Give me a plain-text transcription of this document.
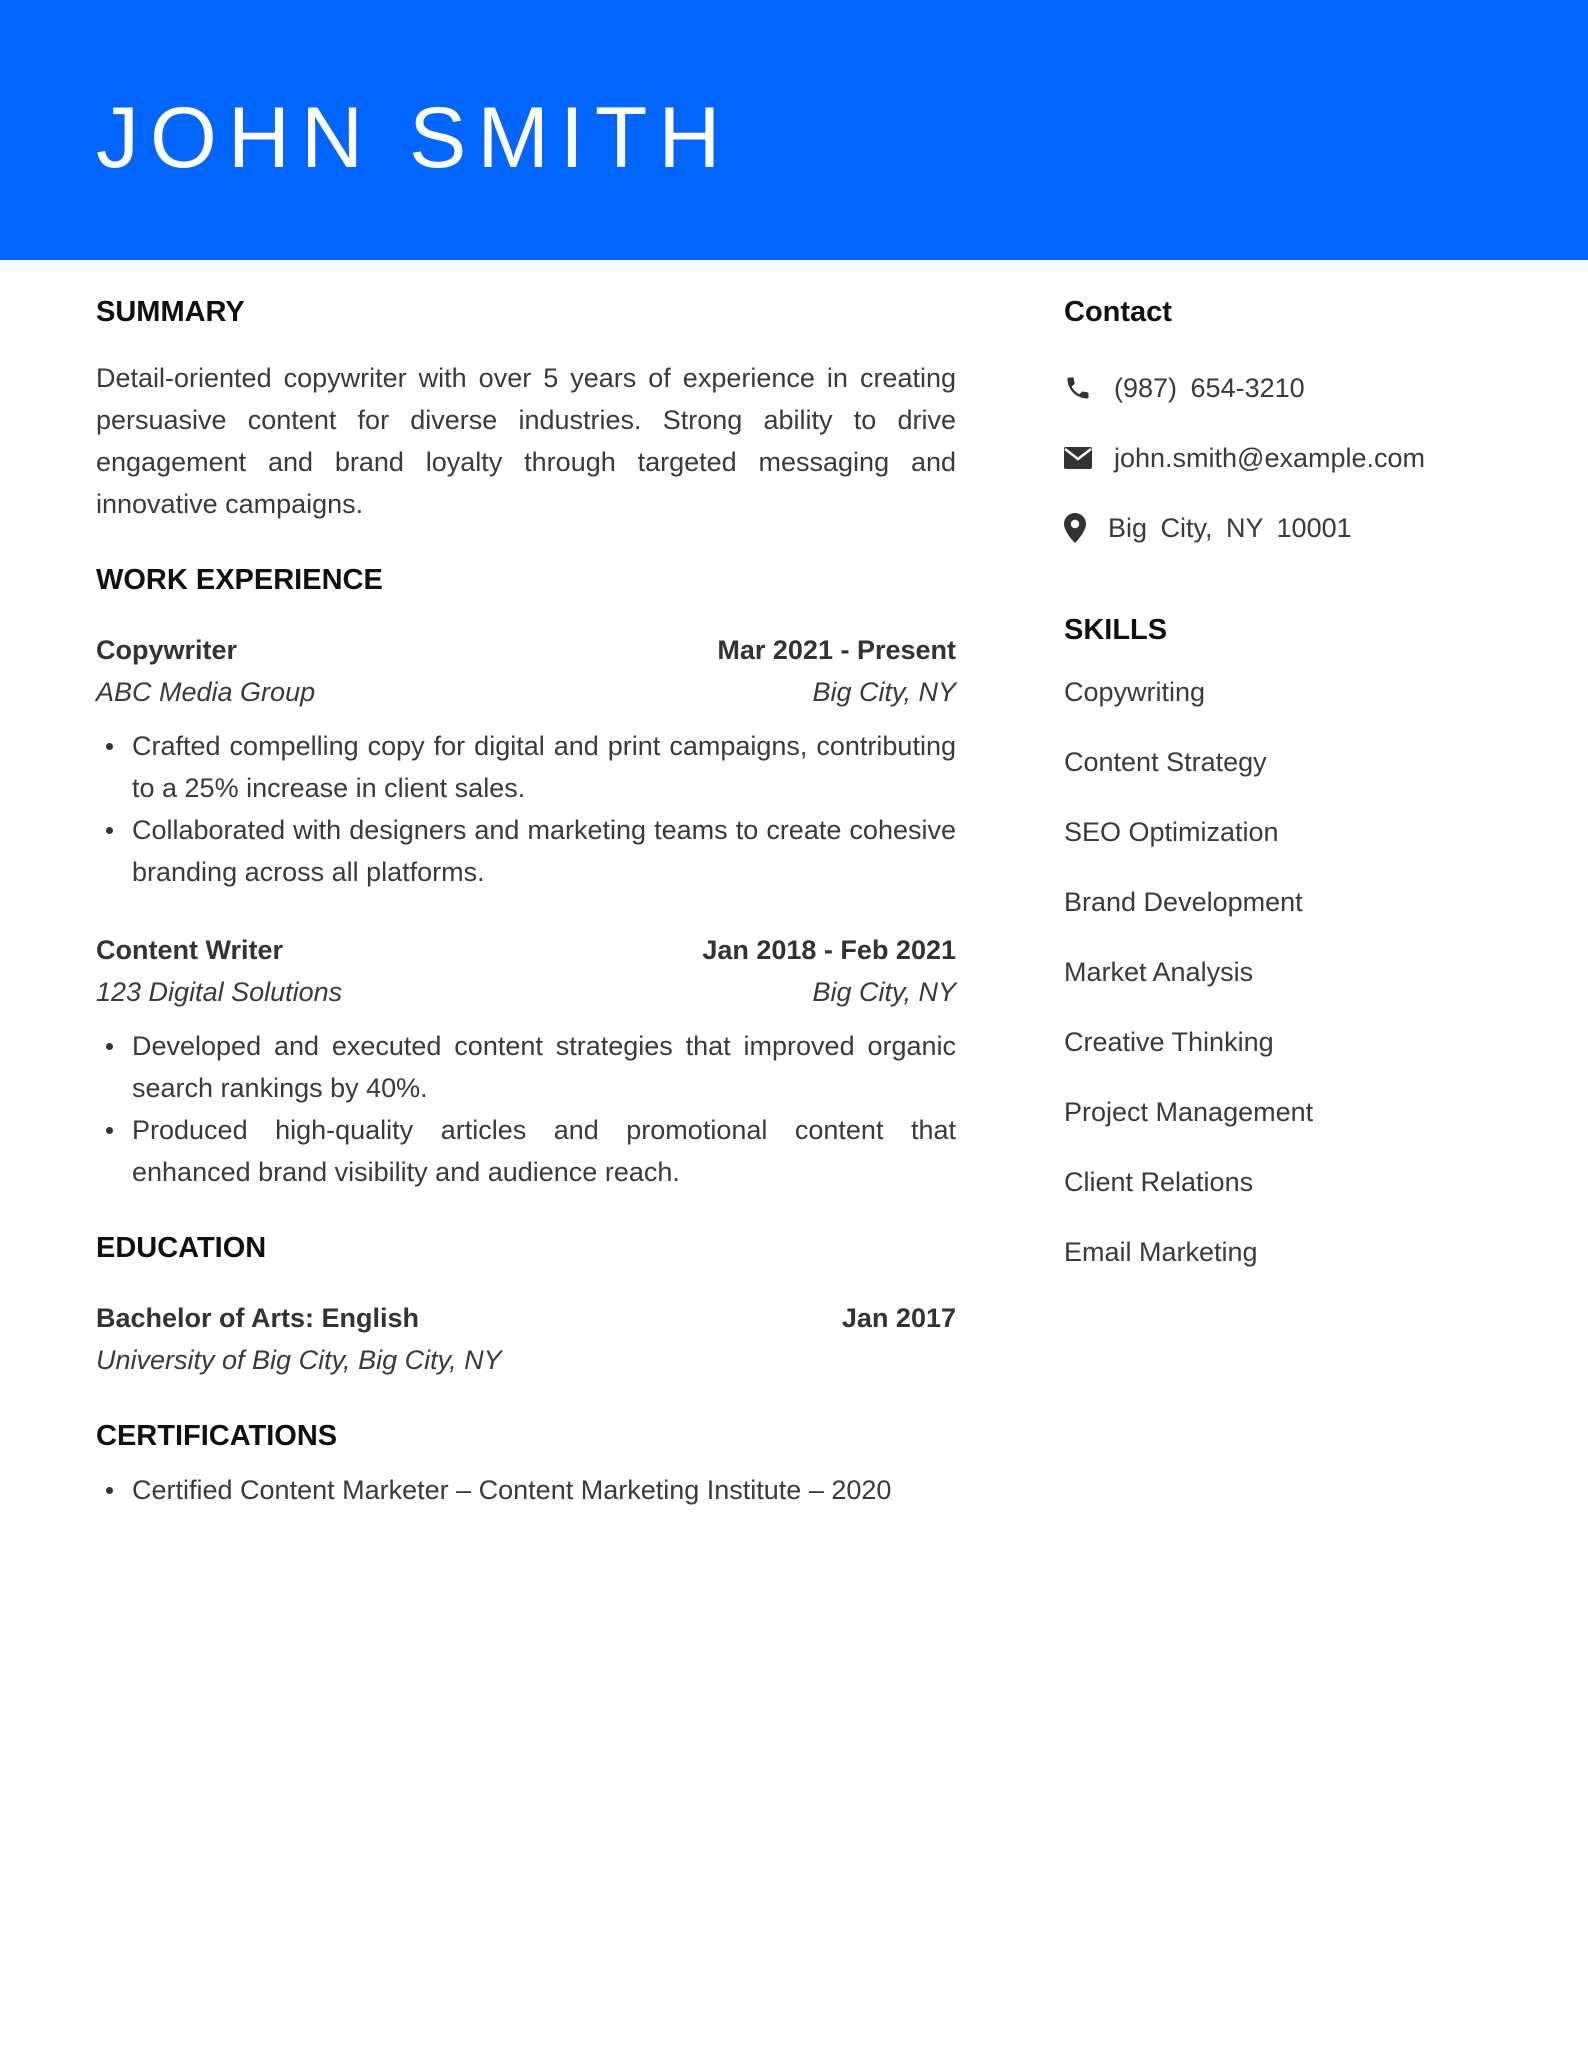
JOHN SMITH
SUMMARY

Detail-oriented copywriter with over 5 years of experience in creating persuasive content for diverse industries. Strong ability to drive engagement and brand loyalty through targeted messaging and innovative campaigns.

WORK EXPERIENCE
Copywriter	Mar 2021 - Present
ABC Media Group	Big City, NY
Crafted compelling copy for digital and print campaigns, contributing to a 25% increase in client sales.
Collaborated with designers and marketing teams to create cohesive branding across all platforms.
Content Writer	Jan 2018 - Feb 2021
123 Digital Solutions	Big City, NY
Developed and executed content strategies that improved organic search rankings by 40%.
Produced high-quality articles and promotional content that enhanced brand visibility and audience reach.
EDUCATION
Bachelor of Arts: English	Jan 2017
University of Big City, Big City, NY
CERTIFICATIONS
Certified Content Marketer – Content Marketing Institute – 2020
Contact
(987) 654-3210
john.smith@example.com
Big City, NY 10001
SKILLS
Copywriting
Content Strategy
SEO Optimization
Brand Development
Market Analysis
Creative Thinking
Project Management
Client Relations
Email Marketing
